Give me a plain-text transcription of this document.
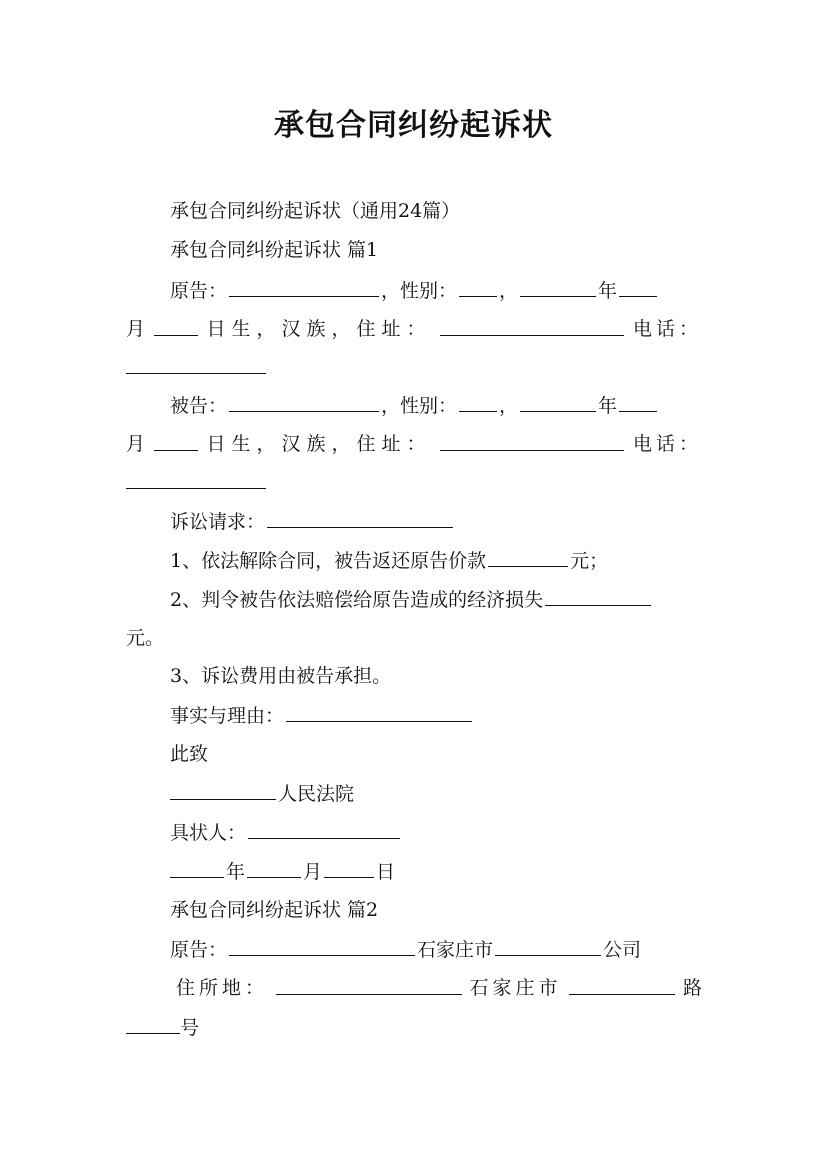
承包合同纠纷起诉状
承包合同纠纷起诉状（通用24篇）
承包合同纠纷起诉状 篇1
原告：	，性别： ，	年
月	日生，汉族，住址：	电话：
被告：	，性别： ，	年
月	日生，汉族，住址：	电话：
诉讼请求：
1、依法解除合同，被告返还原告价款	元；
2、判令被告依法赔偿给原告造成的经济损失
元。
3、诉讼费用由被告承担。
事实与理由：
此致
人民法院
具状人：
年	月	日
承包合同纠纷起诉状 篇2
原告：	石家庄市	公司
住所地：	石家庄市	路
号
